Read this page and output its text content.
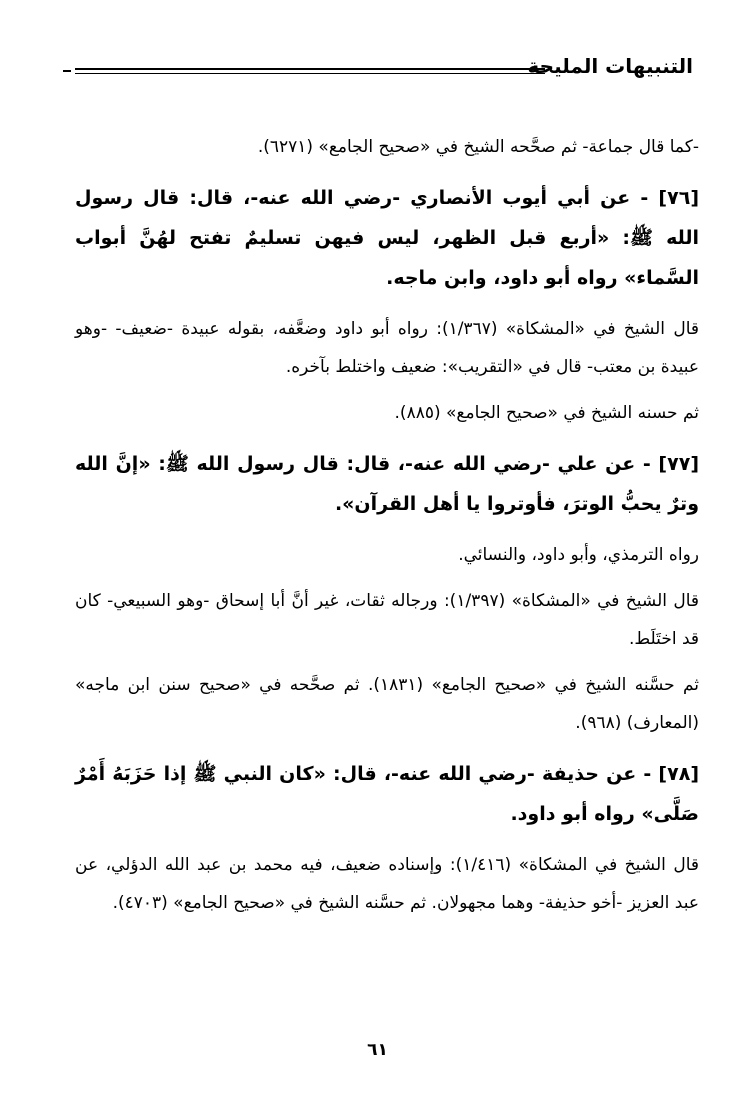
التنبيهات المليحة

-كما قال جماعة- ثم صحَّحه الشيخ في «صحيح الجامع» (٦٢٧١).

[٧٦] - عن أبي أيوب الأنصاري -رضي الله عنه-، قال: قال رسول الله ﷺ: «أربع قبل الظهر، ليس فيهن تسليمٌ تفتح لهُنَّ أبواب السَّماء» رواه أبو داود، وابن ماجه.

قال الشيخ في «المشكاة» (١/٣٦٧): رواه أبو داود وضعَّفه، بقوله عبيدة -ضعيف- -وهو عبيدة بن معتب- قال في «التقريب»: ضعيف واختلط بآخره.

ثم حسنه الشيخ في «صحيح الجامع» (٨٨٥).

[٧٧] - عن علي -رضي الله عنه-، قال: قال رسول الله ﷺ: «إنَّ الله وترٌ يحبُّ الوترَ، فأوتروا يا أهل القرآن».

رواه الترمذي، وأبو داود، والنسائي.

قال الشيخ في «المشكاة» (١/٣٩٧): ورجاله ثقات، غير أنَّ أبا إسحاق -وهو السبيعي- كان قد اختَلَط.

ثم حسَّنه الشيخ في «صحيح الجامع» (١٨٣١). ثم صحَّحه في «صحيح سنن ابن ماجه» (المعارف) (٩٦٨).

[٧٨] - عن حذيفة -رضي الله عنه-، قال: «كان النبي ﷺ إذا حَزَبَهُ أَمْرٌ صَلَّى» رواه أبو داود.

قال الشيخ في المشكاة» (١/٤١٦): وإسناده ضعيف، فيه محمد بن عبد الله الدؤلي، عن عبد العزيز -أخو حذيفة- وهما مجهولان. ثم حسَّنه الشيخ في «صحيح الجامع» (٤٧٠٣).

٦١
